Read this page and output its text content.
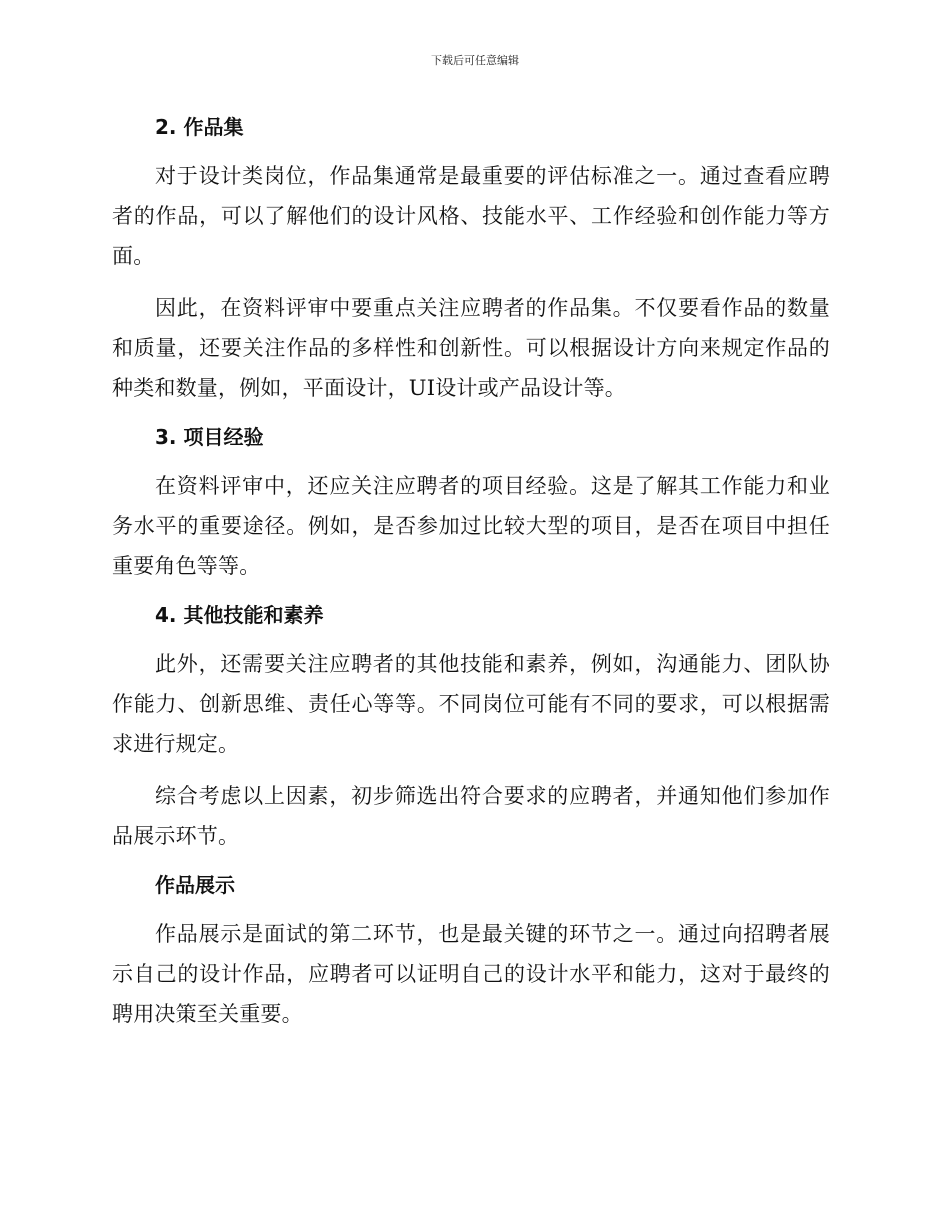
下载后可任意编辑
2. 作品集

对于设计类岗位，作品集通常是最重要的评估标准之一。通过查看应聘者的作品，可以了解他们的设计风格、技能水平、工作经验和创作能力等方面。

因此，在资料评审中要重点关注应聘者的作品集。不仅要看作品的数量和质量，还要关注作品的多样性和创新性。可以根据设计方向来规定作品的种类和数量，例如，平面设计，UI设计或产品设计等。

3. 项目经验

在资料评审中，还应关注应聘者的项目经验。这是了解其工作能力和业务水平的重要途径。例如，是否参加过比较大型的项目，是否在项目中担任重要角色等等。

4. 其他技能和素养

此外，还需要关注应聘者的其他技能和素养，例如，沟通能力、团队协作能力、创新思维、责任心等等。不同岗位可能有不同的要求，可以根据需求进行规定。

综合考虑以上因素，初步筛选出符合要求的应聘者，并通知他们参加作品展示环节。

作品展示

作品展示是面试的第二环节，也是最关键的环节之一。通过向招聘者展示自己的设计作品，应聘者可以证明自己的设计水平和能力，这对于最终的聘用决策至关重要。
